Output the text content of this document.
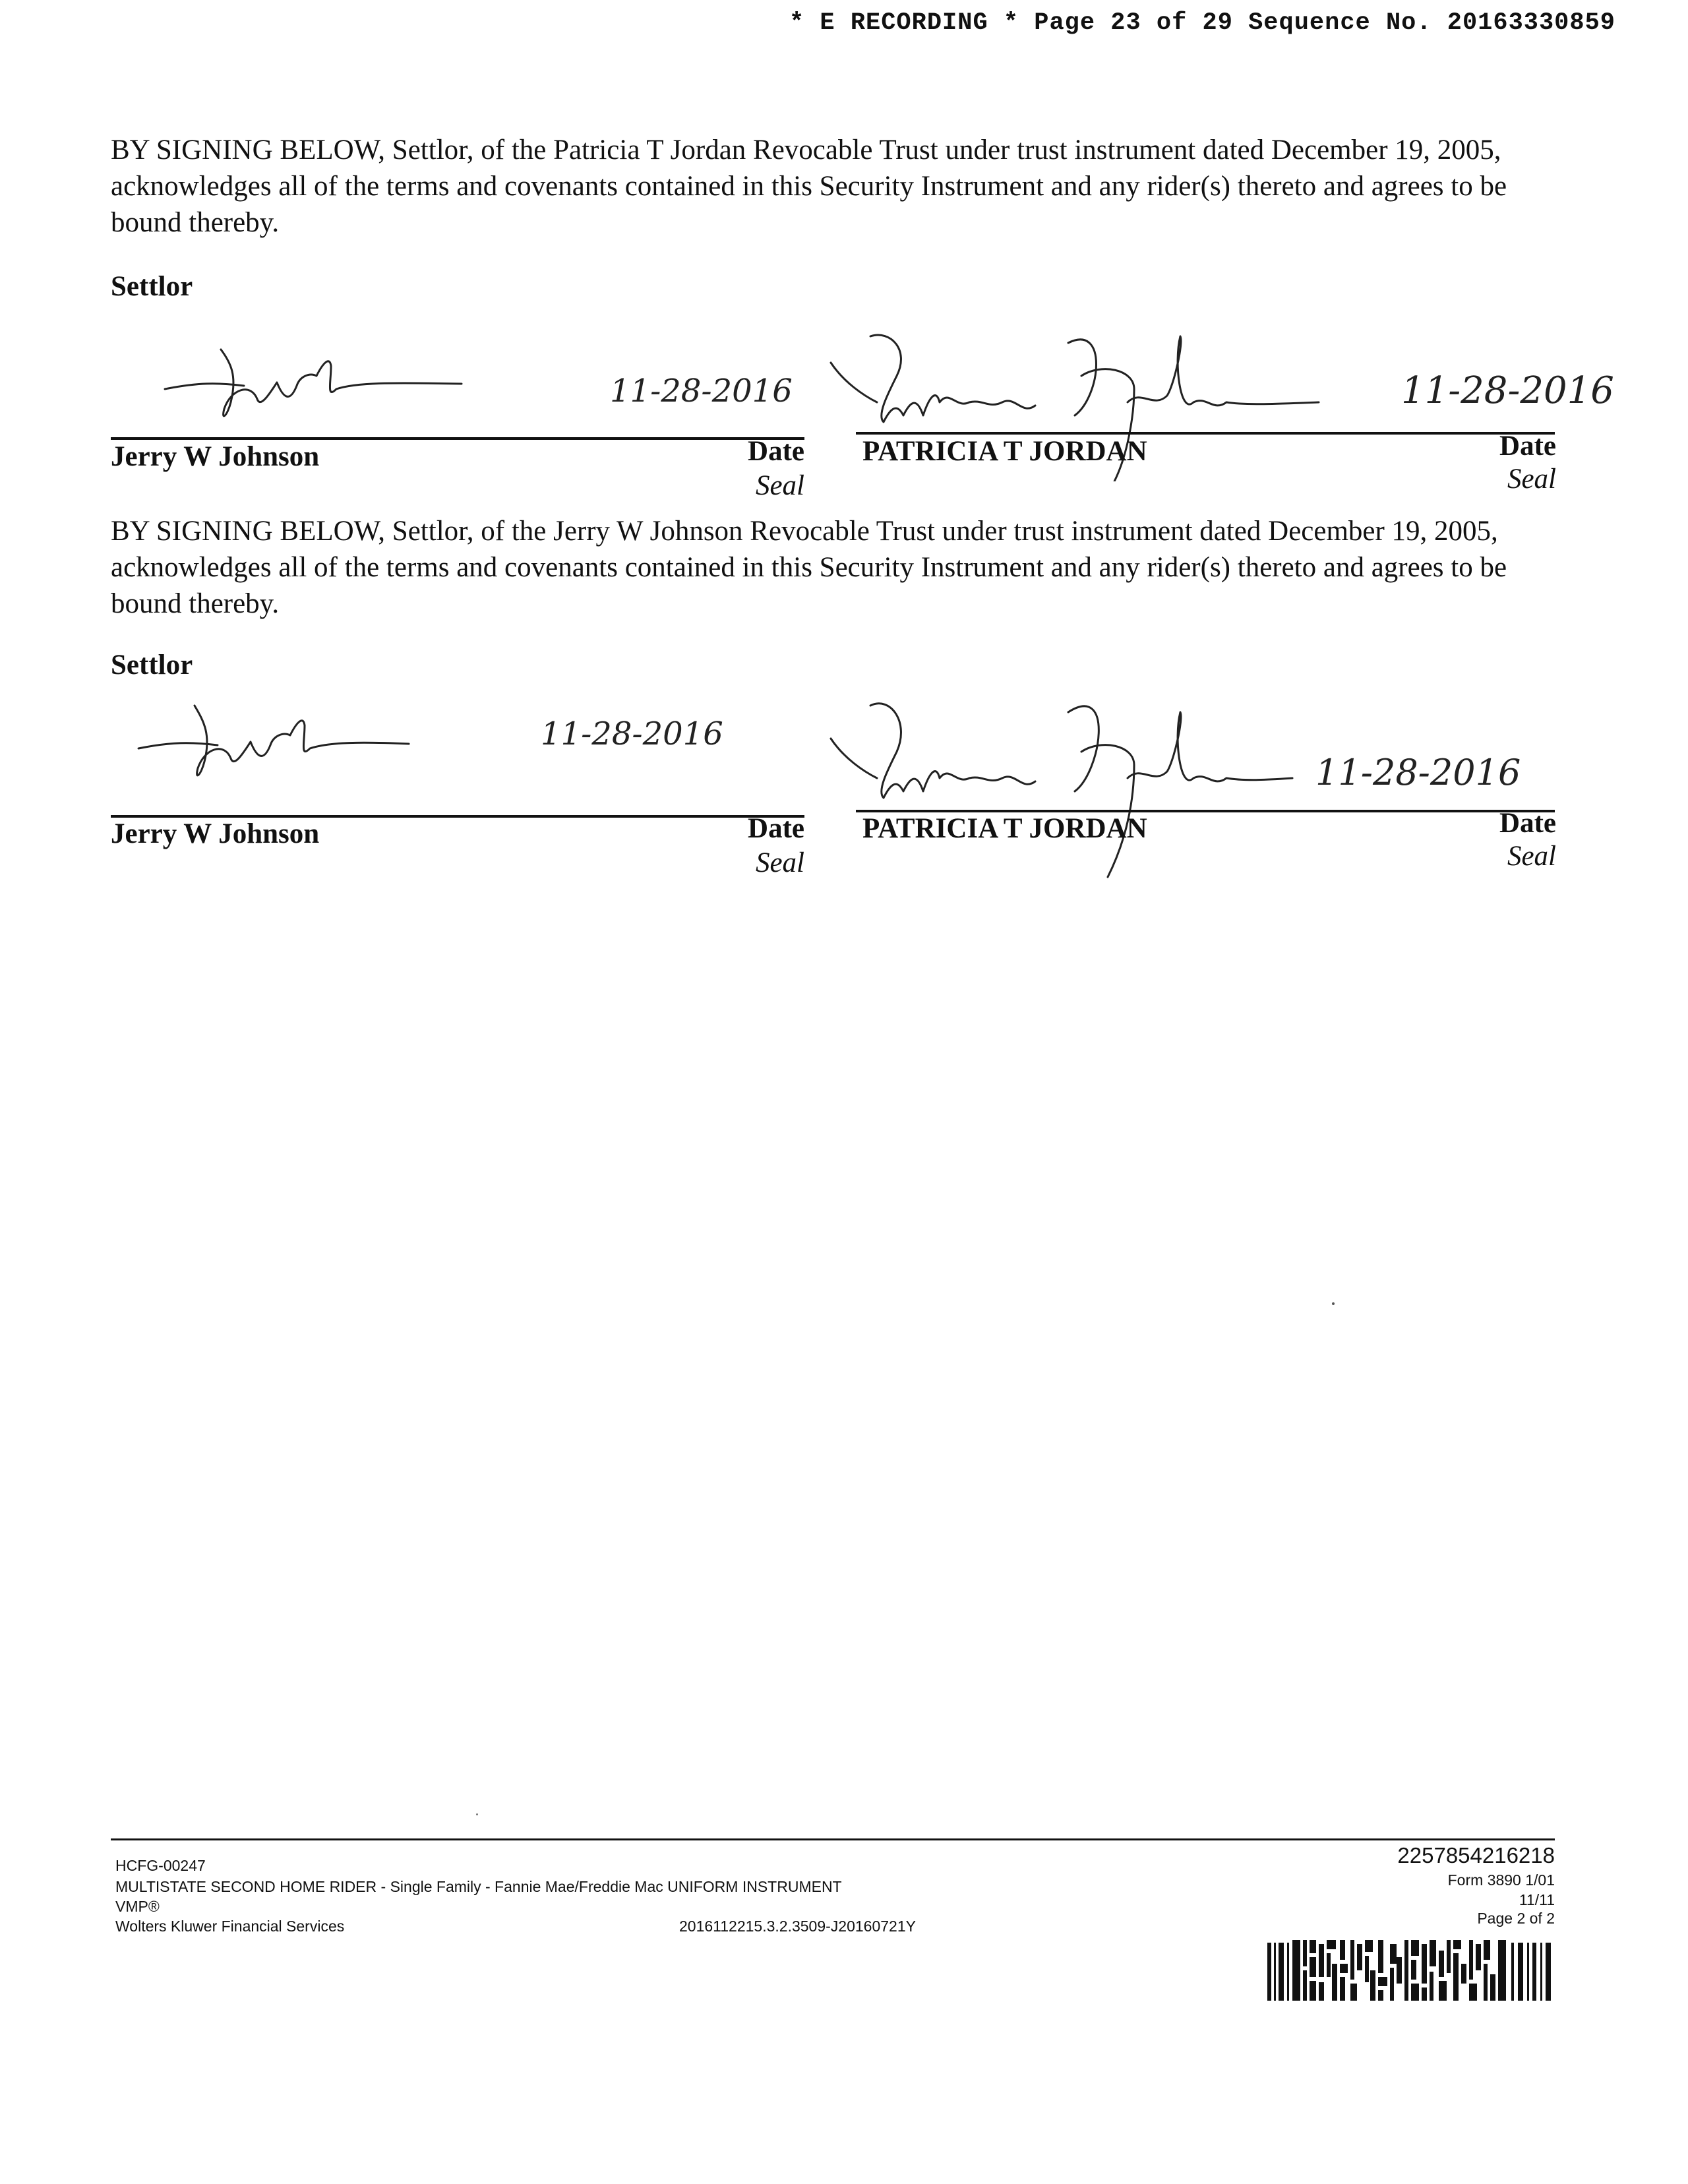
* E RECORDING * Page 23 of 29 Sequence No. 20163330859

BY SIGNING BELOW, Settlor, of the Patricia T Jordan Revocable Trust under trust instrument dated December 19, 2005, acknowledges all of the terms and covenants contained in this Security Instrument and any rider(s) thereto and agrees to be bound thereby.

Settlor
11-28-2016
Jerry W Johnson	Date
Seal
11-28-2016
PATRICIA T JORDAN	Date
Seal

BY SIGNING BELOW, Settlor, of the Jerry W Johnson Revocable Trust under trust instrument dated December 19, 2005, acknowledges all of the terms and covenants contained in this Security Instrument and any rider(s) thereto and agrees to be bound thereby.

Settlor
11-28-2016
Jerry W Johnson	Date
Seal
11-28-2016
PATRICIA T JORDAN	Date
Seal
HCFG-00247
MULTISTATE SECOND HOME RIDER - Single Family - Fannie Mae/Freddie Mac UNIFORM INSTRUMENT
VMP®
Wolters Kluwer Financial Services	2016112215.3.2.3509-J20160721Y
2257854216218
Form 3890 1/01
11/11
Page 2 of 2
